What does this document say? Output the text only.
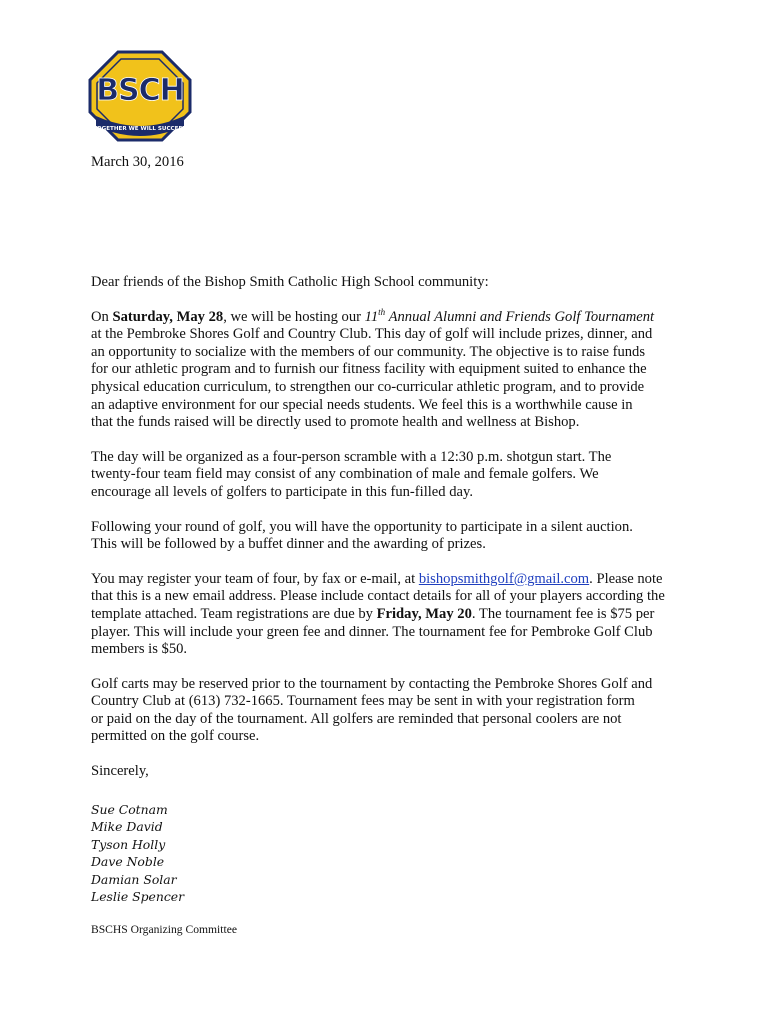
BSCH
TOGETHER WE WILL SUCCEED
March 30, 2016

Dear friends of the Bishop Smith Catholic High School community:

On Saturday, May 28, we will be hosting our 11th Annual Alumni and Friends Golf Tournament
at the Pembroke Shores Golf and Country Club. This day of golf will include prizes, dinner, and
an opportunity to socialize with the members of our community. The objective is to raise funds
for our athletic program and to furnish our fitness facility with equipment suited to enhance the
physical education curriculum, to strengthen our co-curricular athletic program, and to provide
an adaptive environment for our special needs students. We feel this is a worthwhile cause in
that the funds raised will be directly used to promote health and wellness at Bishop.

The day will be organized as a four-person scramble with a 12:30 p.m. shotgun start. The
twenty-four team field may consist of any combination of male and female golfers. We
encourage all levels of golfers to participate in this fun-filled day.

Following your round of golf, you will have the opportunity to participate in a silent auction.
This will be followed by a buffet dinner and the awarding of prizes.

You may register your team of four, by fax or e-mail, at bishopsmithgolf@gmail.com. Please note
that this is a new email address. Please include contact details for all of your players according the
template attached. Team registrations are due by Friday, May 20. The tournament fee is $75 per
player. This will include your green fee and dinner. The tournament fee for Pembroke Golf Club
members is $50.

Golf carts may be reserved prior to the tournament by contacting the Pembroke Shores Golf and
Country Club at (613) 732-1665. Tournament fees may be sent in with your registration form
or paid on the day of the tournament. All golfers are reminded that personal coolers are not
permitted on the golf course.

Sincerely,

Sue Cotnam
Mike David
Tyson Holly
Dave Noble
Damian Solar
Leslie Spencer
BSCHS Organizing Committee
